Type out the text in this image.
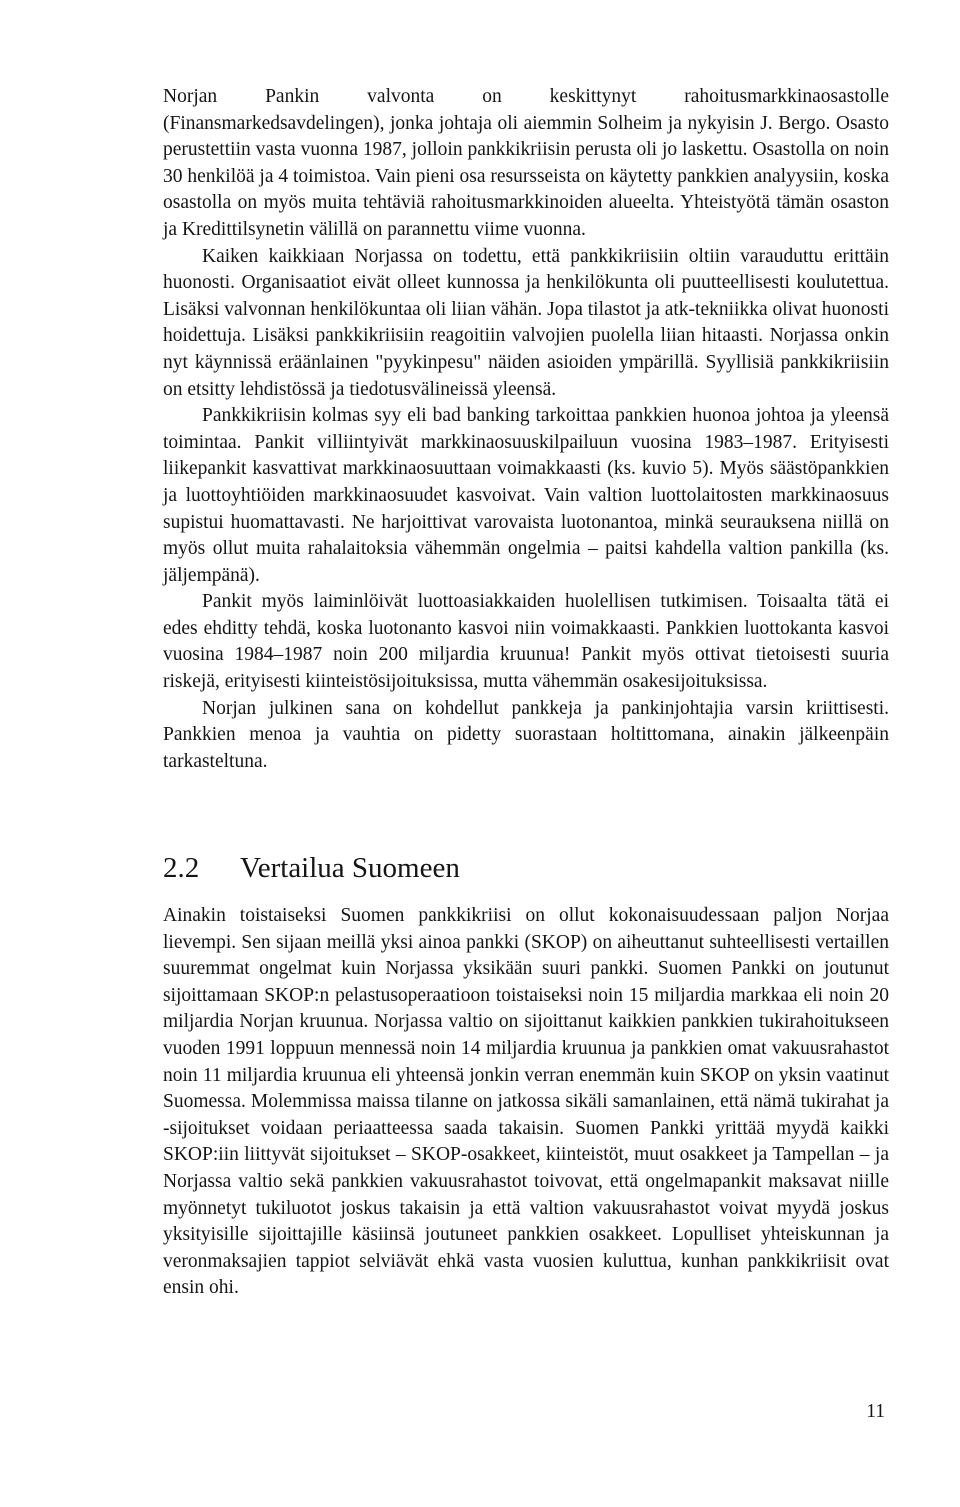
Norjan Pankin valvonta on keskittynyt rahoitusmarkkinaosastolle (Finansmarkedsavdelingen), jonka johtaja oli aiemmin Solheim ja nykyisin J. Bergo. Osasto perustettiin vasta vuonna 1987, jolloin pankkikriisin perusta oli jo laskettu. Osastolla on noin 30 henkilöä ja 4 toimistoa. Vain pieni osa resursseista on käytetty pankkien analyysiin, koska osastolla on myös muita tehtäviä rahoitusmarkkinoiden alueelta. Yhteistyötä tämän osaston ja Kredittilsynetin välillä on parannettu viime vuonna.

Kaiken kaikkiaan Norjassa on todettu, että pankkikriisiin oltiin varauduttu erittäin huonosti. Organisaatiot eivät olleet kunnossa ja henkilökunta oli puutteellisesti koulutettua. Lisäksi valvonnan henkilökuntaa oli liian vähän. Jopa tilastot ja atk-tekniikka olivat huonosti hoidettuja. Lisäksi pankkikriisiin reagoitiin valvojien puolella liian hitaasti. Norjassa onkin nyt käynnissä eräänlainen "pyykinpesu" näiden asioiden ympärillä. Syyllisiä pankkikriisiin on etsitty lehdistössä ja tiedotusvälineissä yleensä.

Pankkikriisin kolmas syy eli bad banking tarkoittaa pankkien huonoa johtoa ja yleensä toimintaa. Pankit villiintyivät markkinaosuuskilpailuun vuosina 1983–1987. Erityisesti liikepankit kasvattivat markkinaosuuttaan voimakkaasti (ks. kuvio 5). Myös säästöpankkien ja luottoyhtiöiden markkinaosuudet kasvoivat. Vain valtion luottolaitosten markkinaosuus supistui huomattavasti. Ne harjoittivat varovaista luotonantoa, minkä seurauksena niillä on myös ollut muita rahalaitoksia vähemmän ongelmia – paitsi kahdella valtion pankilla (ks. jäljempänä).

Pankit myös laiminlöivät luottoasiakkaiden huolellisen tutkimisen. Toisaalta tätä ei edes ehditty tehdä, koska luotonanto kasvoi niin voimakkaasti. Pankkien luottokanta kasvoi vuosina 1984–1987 noin 200 miljardia kruunua! Pankit myös ottivat tietoisesti suuria riskejä, erityisesti kiinteistösijoituksissa, mutta vähemmän osakesijoituksissa.

Norjan julkinen sana on kohdellut pankkeja ja pankinjohtajia varsin kriittisesti. Pankkien menoa ja vauhtia on pidetty suorastaan holtittomana, ainakin jälkeenpäin tarkasteltuna.

2.2 Vertailua Suomeen

Ainakin toistaiseksi Suomen pankkikriisi on ollut kokonaisuudessaan paljon Norjaa lievempi. Sen sijaan meillä yksi ainoa pankki (SKOP) on aiheuttanut suhteellisesti vertaillen suuremmat ongelmat kuin Norjassa yksikään suuri pankki. Suomen Pankki on joutunut sijoittamaan SKOP:n pelastusoperaatioon toistaiseksi noin 15 miljardia markkaa eli noin 20 miljardia Norjan kruunua. Norjassa valtio on sijoittanut kaikkien pankkien tukirahoitukseen vuoden 1991 loppuun mennessä noin 14 miljardia kruunua ja pankkien omat vakuusrahastot noin 11 miljardia kruunua eli yhteensä jonkin verran enemmän kuin SKOP on yksin vaatinut Suomessa. Molemmissa maissa tilanne on jatkossa sikäli samanlainen, että nämä tukirahat ja -sijoitukset voidaan periaatteessa saada takaisin. Suomen Pankki yrittää myydä kaikki SKOP:iin liittyvät sijoitukset – SKOP-osakkeet, kiinteistöt, muut osakkeet ja Tampellan – ja Norjassa valtio sekä pankkien vakuusrahastot toivovat, että ongelmapankit maksavat niille myönnetyt tukiluotot joskus takaisin ja että valtion vakuusrahastot voivat myydä joskus yksityisille sijoittajille käsiinsä joutuneet pankkien osakkeet. Lopulliset yhteiskunnan ja veronmaksajien tappiot selviävät ehkä vasta vuosien kuluttua, kunhan pankkikriisit ovat ensin ohi.

11
